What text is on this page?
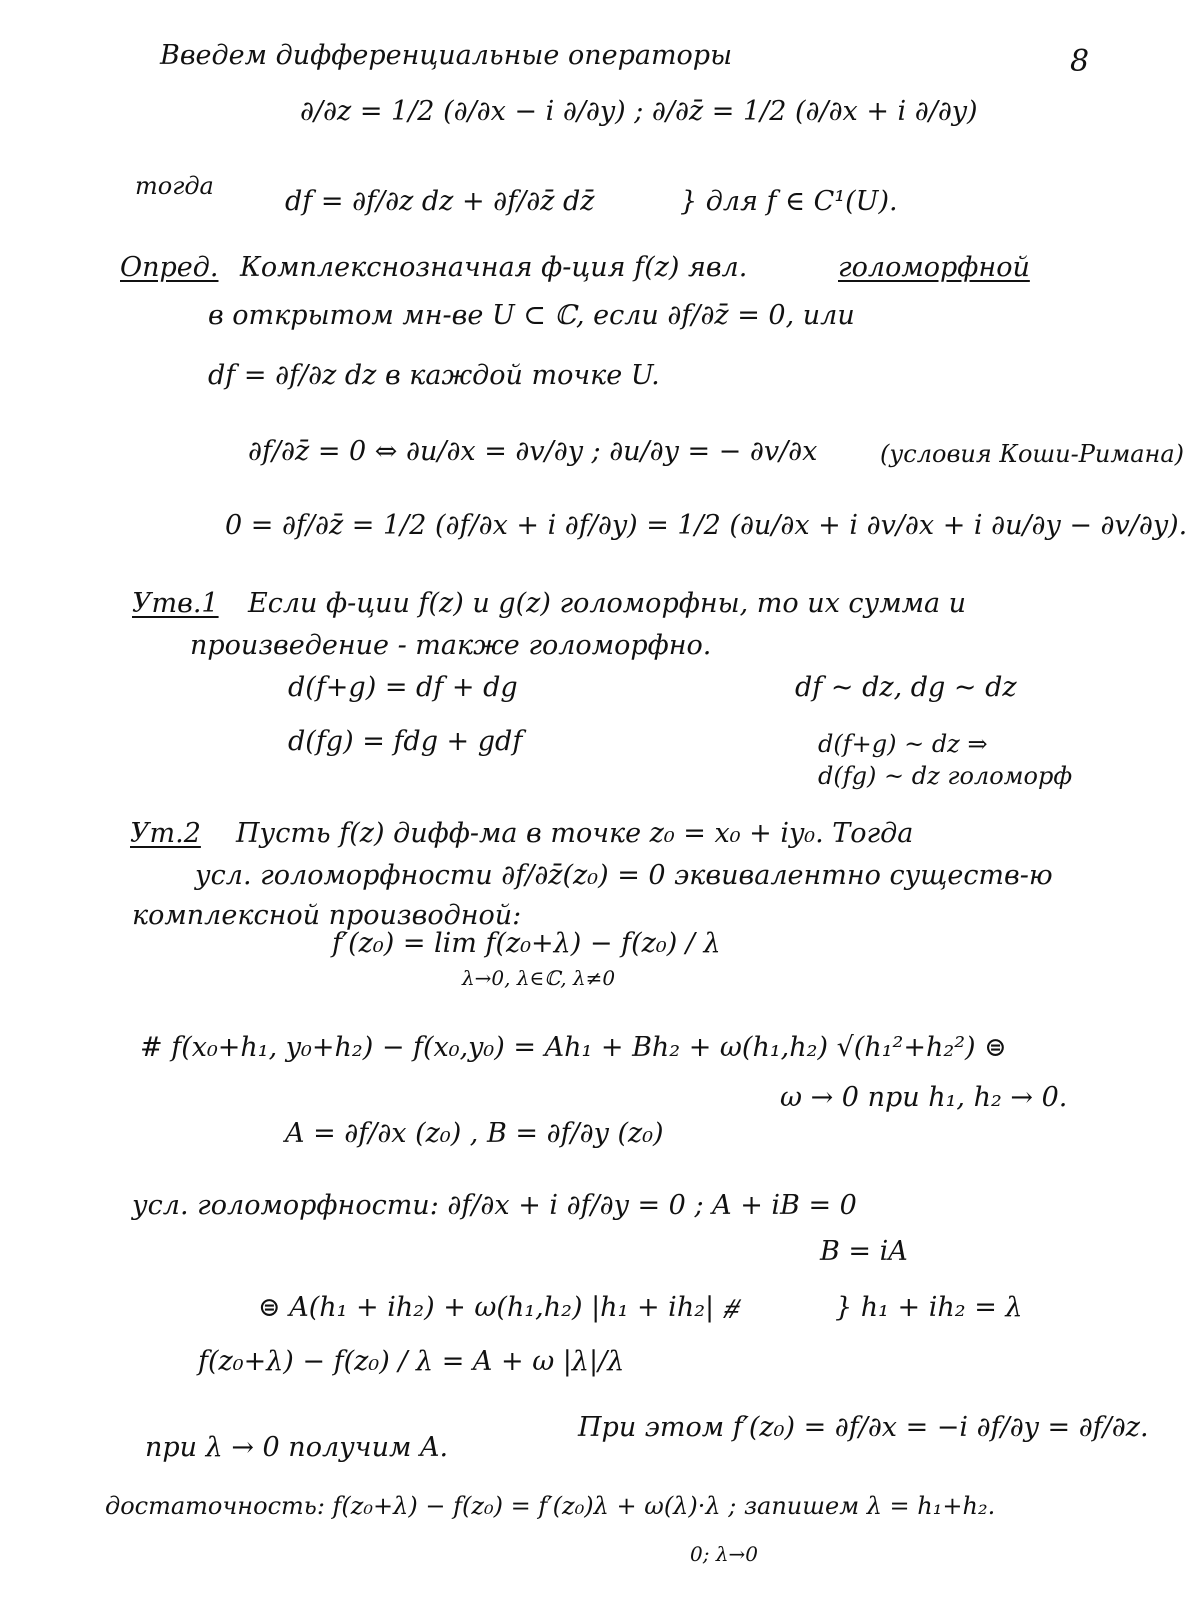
8
Введем дифференциальные операторы
∂/∂z = 1/2 (∂/∂x − i ∂/∂y) ; ∂/∂z̄ = 1/2 (∂/∂x + i ∂/∂y)
тогда	df = ∂f/∂z dz + ∂f/∂z̄ dz̄	} для f ∈ C¹(U).
Опред. Комплекснозначная ф-ция f(z) явл.	голоморфной
в открытом мн-ве U ⊂ ℂ, если ∂f/∂z̄ = 0, или
df = ∂f/∂z dz в каждой точке U.
∂f/∂z̄ = 0 ⇔ ∂u/∂x = ∂v/∂y ; ∂u/∂y = − ∂v/∂x	(условия Коши-Римана)
0 = ∂f/∂z̄ = 1/2 (∂f/∂x + i ∂f/∂y) = 1/2 (∂u/∂x + i ∂v/∂x + i ∂u/∂y − ∂v/∂y).
Утв.1 Если ф-ции f(z) и g(z) голоморфны, то их сумма и
произведение - также голоморфно.
d(f+g) = df + dg	df ~ dz, dg ~ dz
d(fg) = fdg + gdf	d(f+g) ~ dz ⇒
d(fg) ~ dz голоморф
Ут.2 Пусть f(z) дифф-ма в точке z₀ = x₀ + iy₀. Тогда
усл. голоморфности ∂f/∂z̄(z₀) = 0 эквивалентно существ-ю
комплексной производной:
f′(z₀) = lim f(z₀+λ) − f(z₀) / λ
λ→0, λ∈ℂ, λ≠0
# f(x₀+h₁, y₀+h₂) − f(x₀,y₀) = Ah₁ + Bh₂ + ω(h₁,h₂) √(h₁²+h₂²) ⊜
ω → 0 при h₁, h₂ → 0.
A = ∂f/∂x (z₀) , B = ∂f/∂y (z₀)
усл. голоморфности: ∂f/∂x + i ∂f/∂y = 0 ; A + iB = 0
B = iA
⊜ A(h₁ + ih₂) + ω(h₁,h₂) |h₁ + ih₂| ⧣	} h₁ + ih₂ = λ
f(z₀+λ) − f(z₀) / λ = A + ω |λ|/λ
при λ → 0 получим A.
При этом f′(z₀) = ∂f/∂x = −i ∂f/∂y = ∂f/∂z.
достаточность: f(z₀+λ) − f(z₀) = f′(z₀)λ + ω(λ)·λ ; запишем λ = h₁+h₂.
0; λ→0
